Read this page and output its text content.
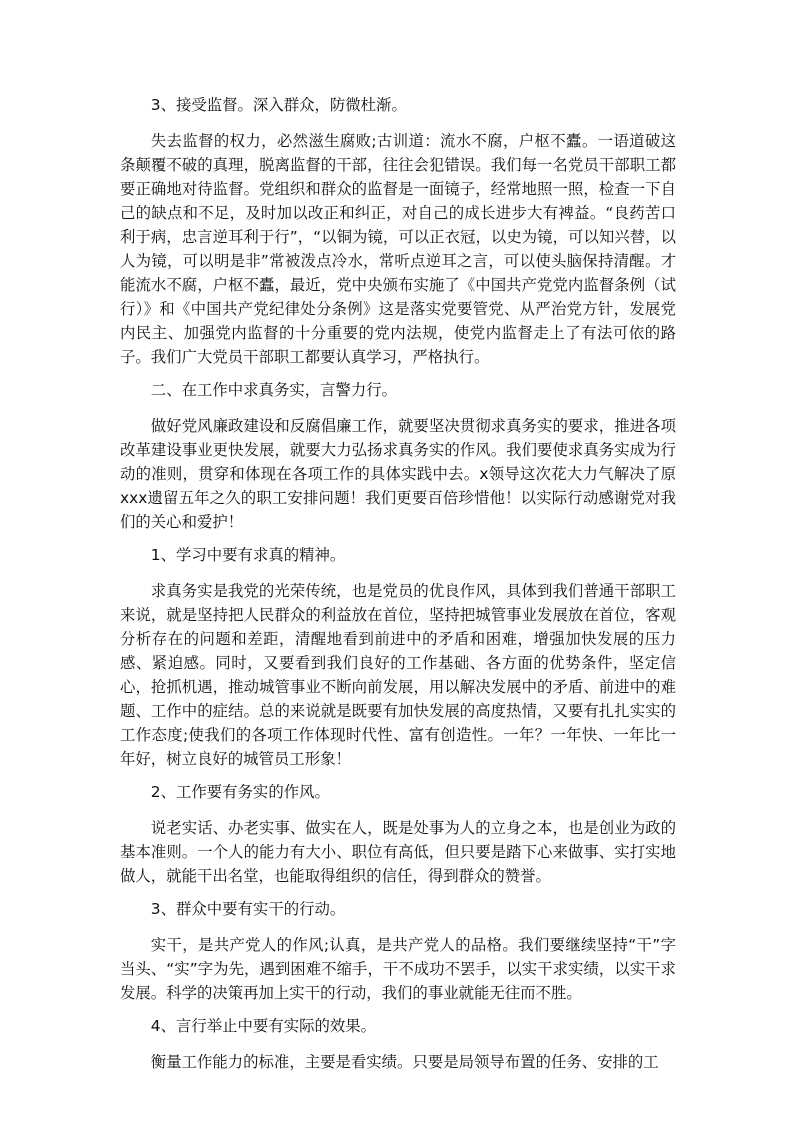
3、接受监督。深入群众，防微杜渐。

失去监督的权力，必然滋生腐败;古训道：流水不腐，户枢不蠹。一语道破这条颠覆不破的真理，脱离监督的干部，往往会犯错误。我们每一名党员干部职工都要正确地对待监督。党组织和群众的监督是一面镜子，经常地照一照，检查一下自己的缺点和不足，及时加以改正和纠正，对自己的成长进步大有裨益。“良药苦口利于病，忠言逆耳利于行”，“以铜为镜，可以正衣冠，以史为镜，可以知兴替，以人为镜，可以明是非”常被泼点冷水，常听点逆耳之言，可以使头脑保持清醒。才能流水不腐，户枢不蠹，最近，党中央颁布实施了《中国共产党党内监督条例（试行）》和《中国共产党纪律处分条例》这是落实党要管党、从严治党方针，发展党内民主、加强党内监督的十分重要的党内法规，使党内监督走上了有法可依的路子。我们广大党员干部职工都要认真学习，严格执行。

二、在工作中求真务实，言警力行。

做好党风廉政建设和反腐倡廉工作，就要坚决贯彻求真务实的要求，推进各项改革建设事业更快发展，就要大力弘扬求真务实的作风。我们要使求真务实成为行动的准则，贯穿和体现在各项工作的具体实践中去。x领导这次花大力气解决了原xxx遗留五年之久的职工安排问题！我们更要百倍珍惜他！以实际行动感谢党对我们的关心和爱护！

1、学习中要有求真的精神。

求真务实是我党的光荣传统，也是党员的优良作风，具体到我们普通干部职工来说，就是坚持把人民群众的利益放在首位，坚持把城管事业发展放在首位，客观分析存在的问题和差距，清醒地看到前进中的矛盾和困难，增强加快发展的压力感、紧迫感。同时，又要看到我们良好的工作基础、各方面的优势条件，坚定信心，抢抓机遇，推动城管事业不断向前发展，用以解决发展中的矛盾、前进中的难题、工作中的症结。总的来说就是既要有加快发展的高度热情，又要有扎扎实实的工作态度;使我们的各项工作体现时代性、富有创造性。一年？一年快、一年比一年好，树立良好的城管员工形象！

2、工作要有务实的作风。

说老实话、办老实事、做实在人，既是处事为人的立身之本，也是创业为政的基本准则。一个人的能力有大小、职位有高低，但只要是踏下心来做事、实打实地做人，就能干出名堂，也能取得组织的信任，得到群众的赞誉。

3、群众中要有实干的行动。

实干，是共产党人的作风;认真，是共产党人的品格。我们要继续坚持“干”字当头、“实”字为先，遇到困难不缩手，干不成功不罢手，以实干求实绩，以实干求发展。科学的决策再加上实干的行动，我们的事业就能无往而不胜。

4、言行举止中要有实际的效果。

衡量工作能力的标准，主要是看实绩。只要是局领导布置的任务、安排的工
